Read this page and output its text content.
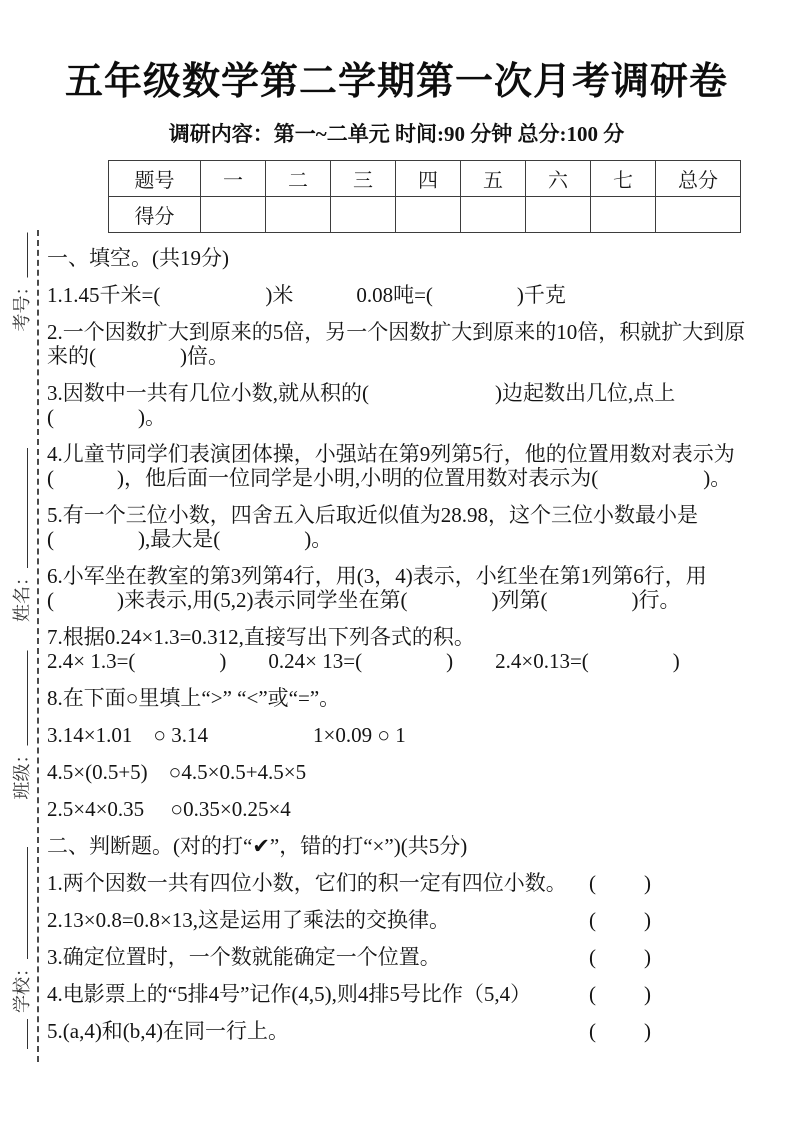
考号：
姓名：
班级：
学校：
五年级数学第二学期第一次月考调研卷
调研内容：第一~二单元 时间:90 分钟 总分:100 分
题号	一	二	三	四	五	六	七	总分
得分								
一、填空。(共19分)
1.1.45千米=(　　　　　)米　　　0.08吨=(　　　　)千克
2.一个因数扩大到原来的5倍，另一个因数扩大到原来的10倍，积就扩大到原
来的(　　　　)倍。
3.因数中一共有几位小数,就从积的(　　　　　　)边起数出几位,点上
(　　　　)。
4.儿童节同学们表演团体操，小强站在第9列第5行，他的位置用数对表示为
(　　　)，他后面一位同学是小明,小明的位置用数对表示为(　　　　　)。
5.有一个三位小数，四舍五入后取近似值为28.98，这个三位小数最小是
(　　　　),最大是(　　　　)。
6.小军坐在教室的第3列第4行，用(3，4)表示，小红坐在第1列第6行，用
(　　　)来表示,用(5,2)表示同学坐在第(　　　　)列第(　　　　)行。
7.根据0.24×1.3=0.312,直接写出下列各式的积。
2.4× 1.3=(　　　　)　　0.24× 13=(　　　　)　　2.4×0.13=(　　　　)
8.在下面○里填上“>” “<”或“=”。
3.14×1.01　○ 3.14　　　　　1×0.09 ○ 1
4.5×(0.5+5)　○4.5×0.5+4.5×5
2.5×4×0.35　 ○0.35×0.25×4
二、判断题。(对的打“✔”，错的打“×”)(共5分)
1.两个因数一共有四位小数，它们的积一定有四位小数。 (　　)
2.13×0.8=0.8×13,这是运用了乘法的交换律。	(　　)
3.确定位置时，一个数就能确定一个位置。	(　　)
4.电影票上的“5排4号”记作(4,5),则4排5号比作（5,4）	(　　)
5.(a,4)和(b,4)在同一行上。	(　　)
